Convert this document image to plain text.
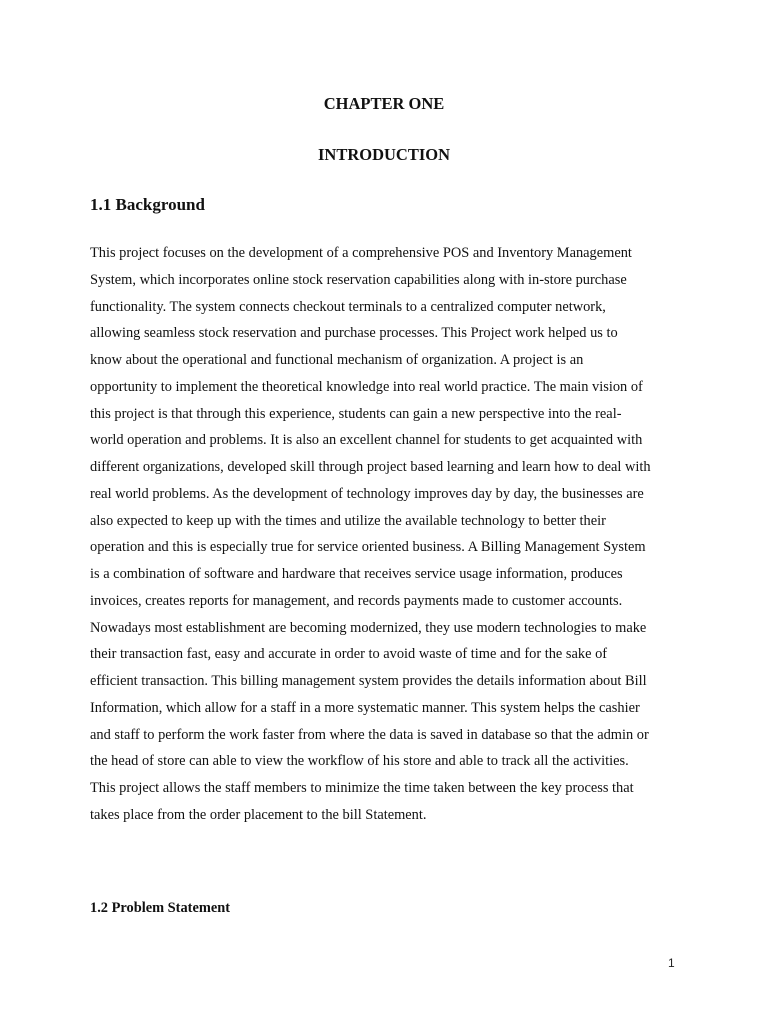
CHAPTER ONE
INTRODUCTION
1.1 Background

This project focuses on the development of a comprehensive POS and Inventory Management
System, which incorporates online stock reservation capabilities along with in-store purchase
functionality. The system connects checkout terminals to a centralized computer network,
allowing seamless stock reservation and purchase processes. This Project work helped us to
know about the operational and functional mechanism of organization. A project is an
opportunity to implement the theoretical knowledge into real world practice. The main vision of
this project is that through this experience, students can gain a new perspective into the real-
world operation and problems. It is also an excellent channel for students to get acquainted with
different organizations, developed skill through project based learning and learn how to deal with
real world problems. As the development of technology improves day by day, the businesses are
also expected to keep up with the times and utilize the available technology to better their
operation and this is especially true for service oriented business. A Billing Management System
is a combination of software and hardware that receives service usage information, produces
invoices, creates reports for management, and records payments made to customer accounts.
Nowadays most establishment are becoming modernized, they use modern technologies to make
their transaction fast, easy and accurate in order to avoid waste of time and for the sake of
efficient transaction. This billing management system provides the details information about Bill
Information, which allow for a staff in a more systematic manner. This system helps the cashier
and staff to perform the work faster from where the data is saved in database so that the admin or
the head of store can able to view the workflow of his store and able to track all the activities.
This project allows the staff members to minimize the time taken between the key process that
takes place from the order placement to the bill Statement.

1.2 Problem Statement
1
